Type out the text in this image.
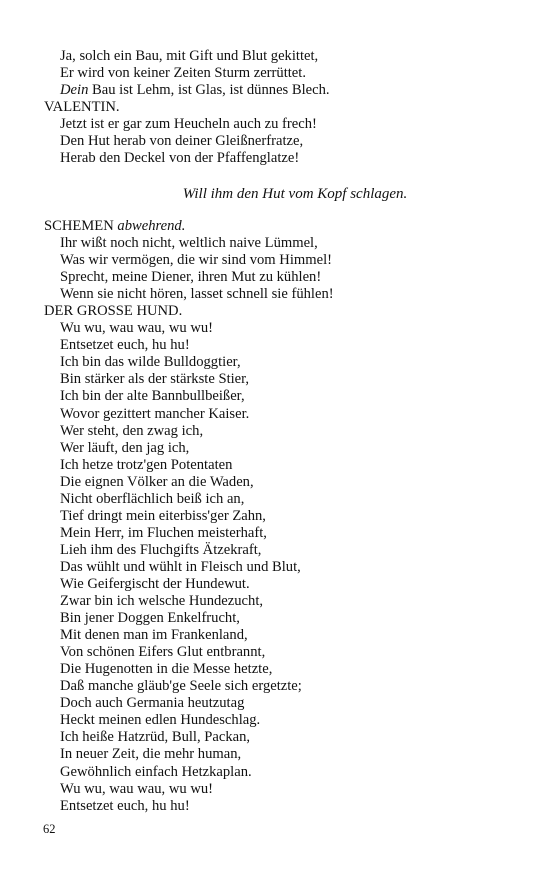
Ja, solch ein Bau, mit Gift und Blut gekittet,
Er wird von keiner Zeiten Sturm zerrüttet.
Dein Bau ist Lehm, ist Glas, ist dünnes Blech.
VALENTIN.
Jetzt ist er gar zum Heucheln auch zu frech!
Den Hut herab von deiner Gleißnerfratze,
Herab den Deckel von der Pfaffenglatze!
Will ihm den Hut vom Kopf schlagen.
SCHEMEN abwehrend.
Ihr wißt noch nicht, weltlich naive Lümmel,
Was wir vermögen, die wir sind vom Himmel!
Sprecht, meine Diener, ihren Mut zu kühlen!
Wenn sie nicht hören, lasset schnell sie fühlen!
DER GROSSE HUND.
Wu wu, wau wau, wu wu!
Entsetzet euch, hu hu!
Ich bin das wilde Bulldoggtier,
Bin stärker als der stärkste Stier,
Ich bin der alte Bannbullbeißer,
Wovor gezittert mancher Kaiser.
Wer steht, den zwag ich,
Wer läuft, den jag ich,
Ich hetze trotz'gen Potentaten
Die eignen Völker an die Waden,
Nicht oberflächlich beiß ich an,
Tief dringt mein eiterbiss'ger Zahn,
Mein Herr, im Fluchen meisterhaft,
Lieh ihm des Fluchgifts Ätzekraft,
Das wühlt und wühlt in Fleisch und Blut,
Wie Geifergischt der Hundewut.
Zwar bin ich welsche Hundezucht,
Bin jener Doggen Enkelfrucht,
Mit denen man im Frankenland,
Von schönen Eifers Glut entbrannt,
Die Hugenotten in die Messe hetzte,
Daß manche gläub'ge Seele sich ergetzte;
Doch auch Germania heutzutag
Heckt meinen edlen Hundeschlag.
Ich heiße Hatzrüd, Bull, Packan,
In neuer Zeit, die mehr human,
Gewöhnlich einfach Hetzkaplan.
Wu wu, wau wau, wu wu!
Entsetzet euch, hu hu!
62
